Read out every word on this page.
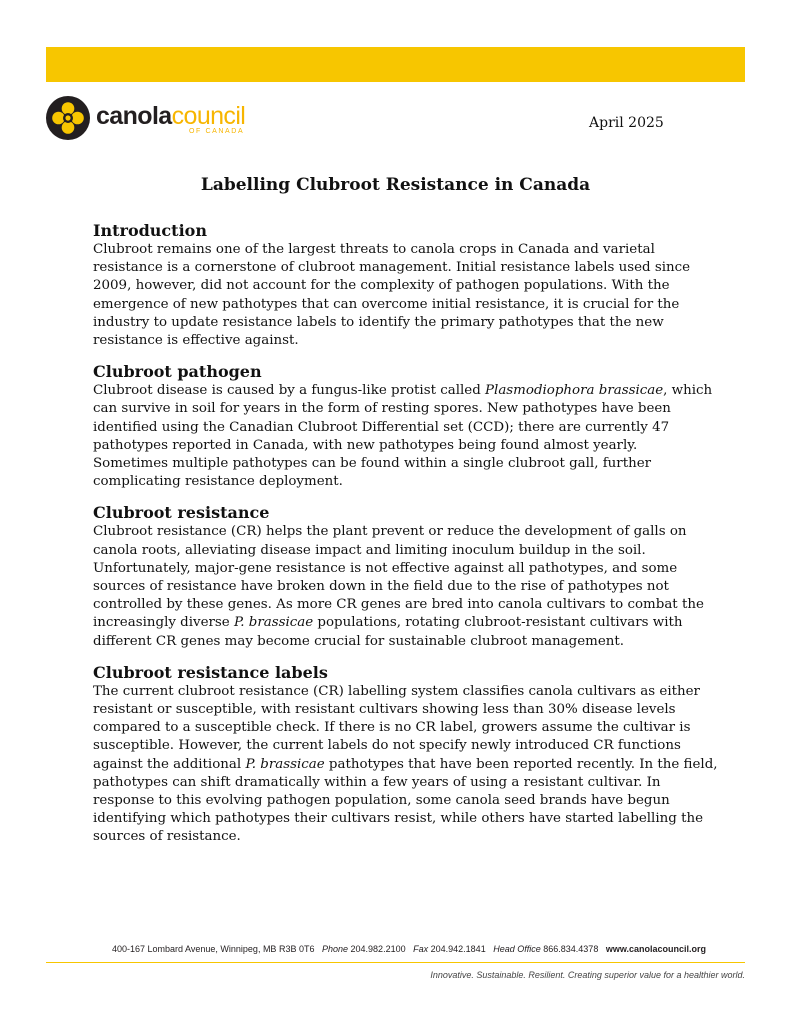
canolacouncil
OF CANADA
April 2025
Labelling Clubroot Resistance in Canada
Introduction
Clubroot remains one of the largest threats to canola crops in Canada and varietal
resistance is a cornerstone of clubroot management. Initial resistance labels used since
2009, however, did not account for the complexity of pathogen populations. With the
emergence of new pathotypes that can overcome initial resistance, it is crucial for the
industry to update resistance labels to identify the primary pathotypes that the new
resistance is effective against.
Clubroot pathogen
Clubroot disease is caused by a fungus-like protist called Plasmodiophora brassicae, which
can survive in soil for years in the form of resting spores. New pathotypes have been
identified using the Canadian Clubroot Differential set (CCD); there are currently 47
pathotypes reported in Canada, with new pathotypes being found almost yearly.
Sometimes multiple pathotypes can be found within a single clubroot gall, further
complicating resistance deployment.
Clubroot resistance
Clubroot resistance (CR) helps the plant prevent or reduce the development of galls on
canola roots, alleviating disease impact and limiting inoculum buildup in the soil.
Unfortunately, major-gene resistance is not effective against all pathotypes, and some
sources of resistance have broken down in the field due to the rise of pathotypes not
controlled by these genes. As more CR genes are bred into canola cultivars to combat the
increasingly diverse P. brassicae populations, rotating clubroot-resistant cultivars with
different CR genes may become crucial for sustainable clubroot management.
Clubroot resistance labels
The current clubroot resistance (CR) labelling system classifies canola cultivars as either
resistant or susceptible, with resistant cultivars showing less than 30% disease levels
compared to a susceptible check. If there is no CR label, growers assume the cultivar is
susceptible. However, the current labels do not specify newly introduced CR functions
against the additional P. brassicae pathotypes that have been reported recently. In the field,
pathotypes can shift dramatically within a few years of using a resistant cultivar. In
response to this evolving pathogen population, some canola seed brands have begun
identifying which pathotypes their cultivars resist, while others have started labelling the
sources of resistance.
400-167 Lombard Avenue, Winnipeg, MB R3B 0T6 Phone 204.982.2100 Fax 204.942.1841 Head Office 866.834.4378 www.canolacouncil.org
Innovative. Sustainable. Resilient. Creating superior value for a healthier world.
